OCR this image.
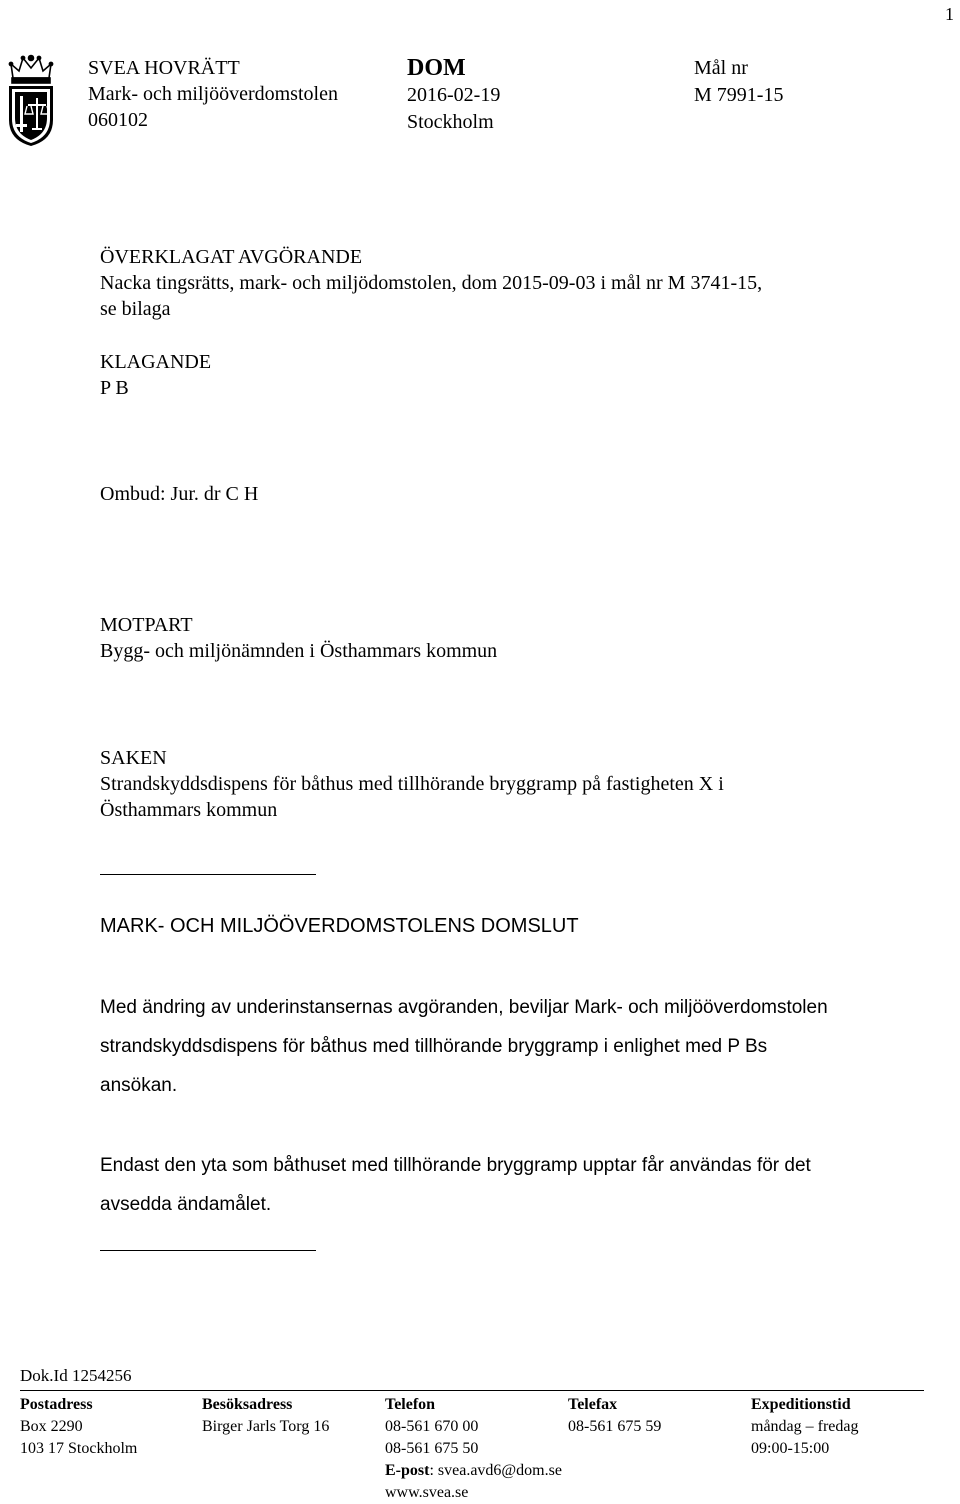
1
SVEA HOVRÄTT
Mark- och miljööverdomstolen
060102
DOM
2016-02-19
Stockholm
Mål nr
M 7991-15
ÖVERKLAGAT AVGÖRANDE
Nacka tingsrätts, mark- och miljödomstolen, dom 2015-09-03 i mål nr M 3741-15,
se bilaga
KLAGANDE
P B
Ombud: Jur. dr C H
MOTPART
Bygg- och miljönämnden i Östhammars kommun
SAKEN
Strandskyddsdispens för båthus med tillhörande bryggramp på fastigheten X i
Östhammars kommun
MARK- OCH MILJÖÖVERDOMSTOLENS DOMSLUT
Med ändring av underinstansernas avgöranden, beviljar Mark- och miljööverdomstolen
strandskyddsdispens för båthus med tillhörande bryggramp i enlighet med P Bs
ansökan.
Endast den yta som båthuset med tillhörande bryggramp upptar får användas för det
avsedda ändamålet.
Dok.Id 1254256
Postadress
Box 2290
103 17 Stockholm
Besöksadress
Birger Jarls Torg 16
Telefon
08-561 670 00
08-561 675 50
E-post: svea.avd6@dom.se
www.svea.se
Telefax
08-561 675 59
Expeditionstid
måndag – fredag
09:00-15:00
